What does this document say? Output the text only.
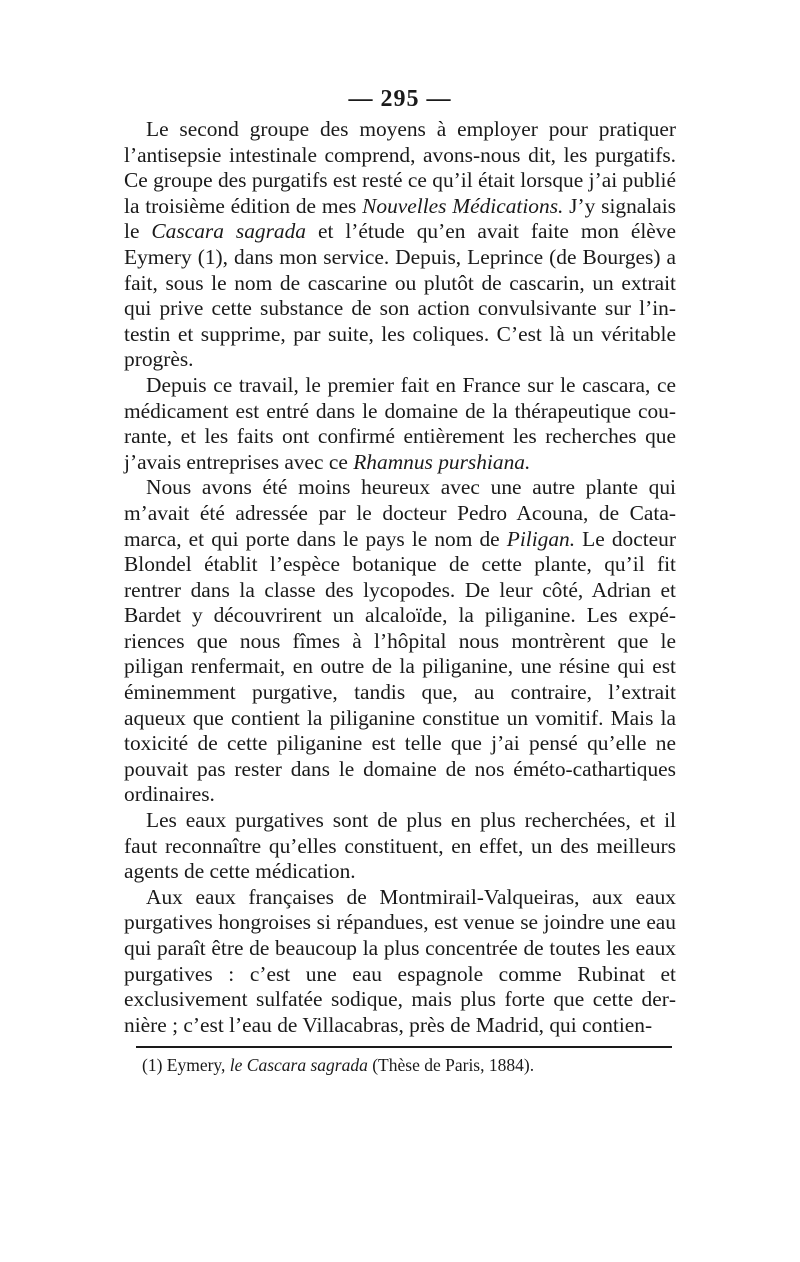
— 295 —

Le second groupe des moyens à employer pour pratiquer l’antisepsie intestinale comprend, avons-nous dit, les purgatifs. Ce groupe des purgatifs est resté ce qu’il était lorsque j’ai publié la troisième édition de mes Nouvelles Médications. J’y signalais le Cascara sagrada et l’étude qu’en avait faite mon élève Eymery (1), dans mon service. Depuis, Leprince (de Bourges) a fait, sous le nom de cascarine ou plutôt de cascarin, un extrait qui prive cette substance de son action convulsivante sur l’intestin et supprime, par suite, les coliques. C’est là un véritable progrès.

Depuis ce travail, le premier fait en France sur le cascara, ce médicament est entré dans le domaine de la thérapeutique courante, et les faits ont confirmé entièrement les recherches que j’avais entreprises avec ce Rhamnus purshiana.

Nous avons été moins heureux avec une autre plante qui m’avait été adressée par le docteur Pedro Acouna, de Catamarca, et qui porte dans le pays le nom de Piligan. Le docteur Blondel établit l’espèce botanique de cette plante, qu’il fit rentrer dans la classe des lycopodes. De leur côté, Adrian et Bardet y découvrirent un alcaloïde, la piliganine. Les expériences que nous fîmes à l’hôpital nous montrèrent que le piligan renfermait, en outre de la piliganine, une résine qui est éminemment purgative, tandis que, au contraire, l’extrait aqueux que contient la piliganine constitue un vomitif. Mais la toxicité de cette piliganine est telle que j’ai pensé qu’elle ne pouvait pas rester dans le domaine de nos éméto-cathartiques ordinaires.

Les eaux purgatives sont de plus en plus recherchées, et il faut reconnaître qu’elles constituent, en effet, un des meilleurs agents de cette médication.

Aux eaux françaises de Montmirail-Valqueiras, aux eaux purgatives hongroises si répandues, est venue se joindre une eau qui paraît être de beaucoup la plus concentrée de toutes les eaux purgatives : c’est une eau espagnole comme Rubinat et exclusivement sulfatée sodique, mais plus forte que cette dernière ; c’est l’eau de Villacabras, près de Madrid, qui contien-

(1) Eymery, le Cascara sagrada (Thèse de Paris, 1884).
